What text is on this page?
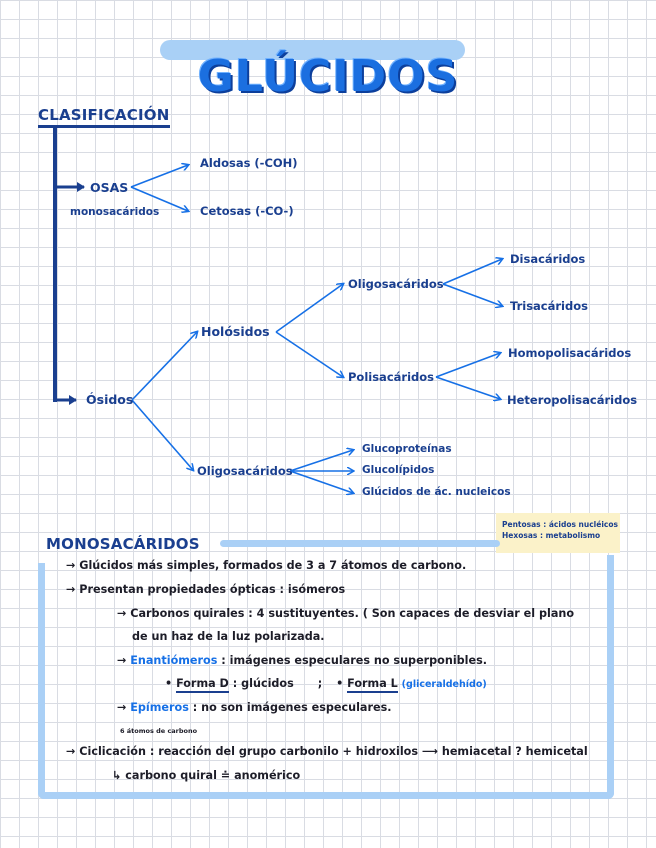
GLÚCIDOS
CLASIFICACIÓN
OSAS
monosacáridos
Aldosas (-COH)
Cetosas (-CO-)
Ósidos
Holósidos
Oligosacáridos
Polisacáridos
Disacáridos
Trisacáridos
Homopolisacáridos
Heteropolisacáridos
Oligosacáridos
Glucoproteínas
Glucolípidos
Glúcidos de ác. nucleicos

Pentosas : ácidos nucléicos

Hexosas : metabolismo

MONOSACÁRIDOS
→ Glúcidos más simples, formados de 3 a 7 átomos de carbono.
→ Presentan propiedades ópticas : isómeros
→ Carbonos quirales : 4 sustituyentes. ( Son capaces de desviar el plano
de un haz de la luz polarizada.
→ Enantiómeros : imágenes especulares no superponibles.
• Forma D : glúcidos ; • Forma L (gliceraldehído)
→ Epímeros : no son imágenes especulares.
6 átomos de carbono
→ Ciclicación : reacción del grupo carbonilo + hidroxilos ⟶ hemiacetal ? hemicetal
↳ carbono quiral ≐ anomérico
